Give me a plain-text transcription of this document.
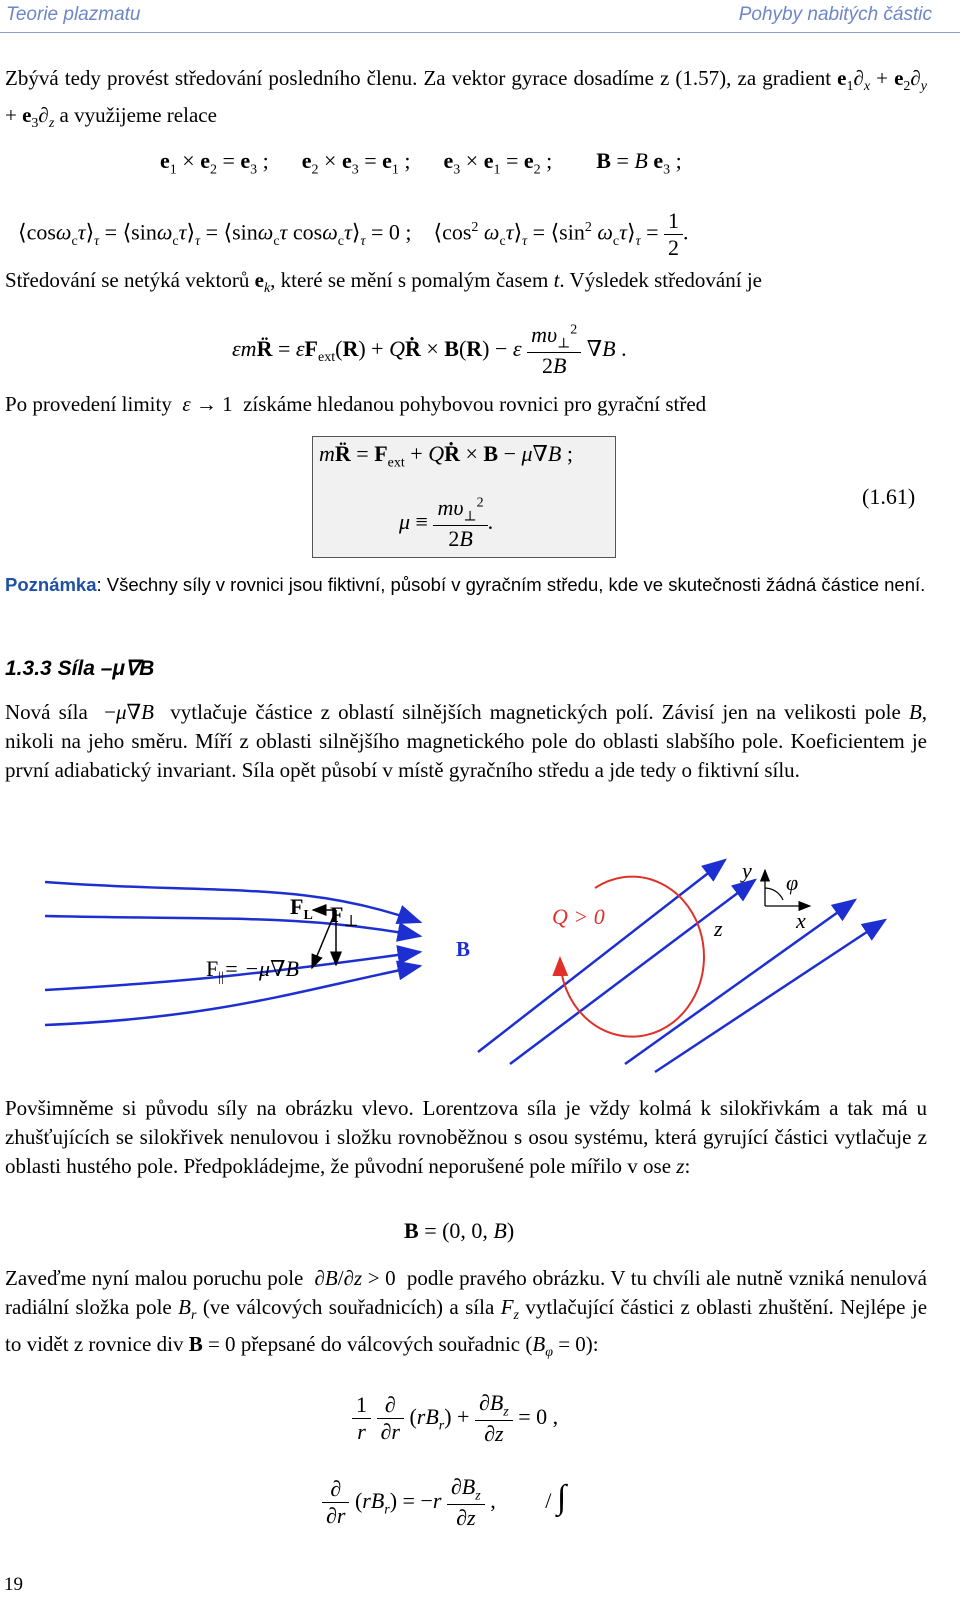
Teorie plazmatu	Pohyby nabitých částic
Zbývá tedy provést středování posledního členu. Za vektor gyrace dosadíme z (1.57), za gradient $e_1\partial_x + e_2\partial_y + e_3\partial_z$ a využijeme relace
$e_1 \times e_2 = e_3$ ;      $e_2 \times e_3 = e_1$ ;      $e_3 \times e_1 = e_2$ ;        B = B $e_3$ ;
$⟨\cos\omega_c\tau⟩_\tau$ = $⟨\sin\omega_c\tau⟩_\tau$ = ⟨sinω$_c$τ $\cos\omega_c\tau⟩_\tau = 0$ ;    $⟨\cos^2$ $\omega_c\tau⟩_\tau$ = $⟨\sin^2$ $\omega_c\tau⟩_\tau = \frac{1}{2}$ .
Středování se netýká vektorů $e_k$, které se mění s pomalým časem t. Výsledek středování je
εmR̈ = $\varepsilon F_{ext}(R)$ + QṘ × B(R) − ε $\frac{m\upsilon_\perp^2}{2B} \nabla B$ .
Po provedení limity ε → 1  získáme hledanou pohybovou rovnici pro gyrační střed
mR̈ = $F_{ext}$ + QṘ × B − μ∇B ;
$\mu \equiv \frac{m\upsilon_\perp^2}{2B}$ .
(1.61)
Poznámka: Všechny síly v rovnici jsou fiktivní, působí v gyračním středu, kde ve skutečnosti žádná částice není.
1.3.3 Síla –μ∇B
Nová síla  −μ∇B vytlačuje částice z oblastí silnějších magnetických polí. Závisí jen na velikosti pole B, nikoli na jeho směru. Míří z oblasti silnějšího magnetického pole do oblasti slabšího pole. Koeficientem je první adiabatický invariant. Síla opět působí v místě gyračního středu a jde tedy o fiktivní sílu.
$F_L$ F⊥
$F_{||}= -\mu\nabla B$
B
Q > 0
y φ
x
z
Povšimněme si původu síly na obrázku vlevo. Lorentzova síla je vždy kolmá k silokřivkám a tak má u zhušťujících se silokřivek nenulovou i složku rovnoběžnou s osou systému, která gyrující částici vytlačuje z oblasti hustého pole. Předpokládejme, že původní neporušené pole mířilo v ose z:
B = (0, 0, B)
Zaveďme nyní malou poruchu pole  ∂B/∂z > 0  podle pravého obrázku. V tu chvíli ale nutně vzniká nenulová radiální složka pole $B_r$ (ve válcových souřadnicích) a síla $F_z$ vytlačující částici z oblasti zhuštění. Nejlépe je to vidět z rovnice div B = 0 přepsané do válcových souřadnic $(B_\varphi = 0)$:
$\frac{1}{r}$
$\frac{\partial}{\partial r} (rB_r) + \frac{\partial B_z}{\partial z} = 0$ ,
$\frac{\partial}{\partial r} (rB_r) = -r \frac{\partial B_z}{\partial z}$ ,         / ∫
19
